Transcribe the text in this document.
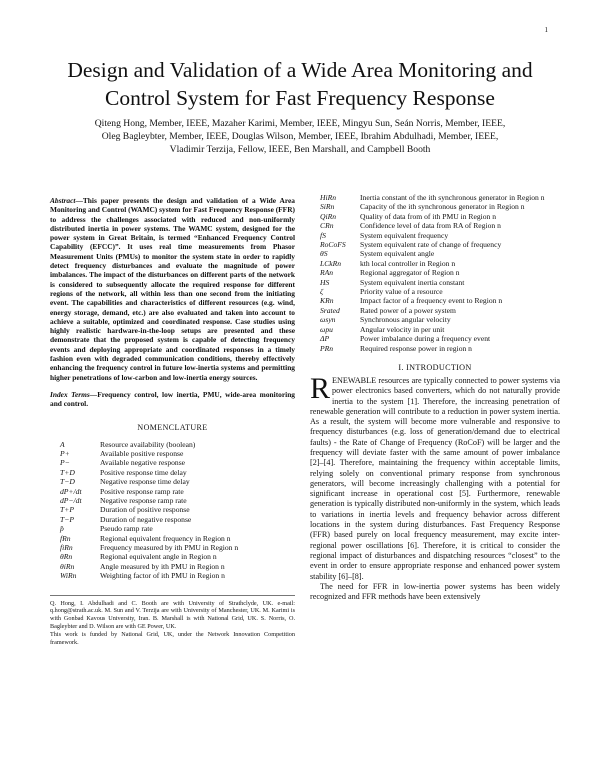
1
Design and Validation of a Wide Area Monitoring and Control System for Fast Frequency Response
Qiteng Hong, Member, IEEE, Mazaher Karimi, Member, IEEE, Mingyu Sun, Seán Norris, Member, IEEE,
Oleg Bagleybter, Member, IEEE, Douglas Wilson, Member, IEEE, Ibrahim Abdulhadi, Member, IEEE,
Vladimir Terzija, Fellow, IEEE, Ben Marshall, and Campbell Booth
Abstract—This paper presents the design and validation of a Wide Area Monitoring and Control (WAMC) system for Fast Frequency Response (FFR) to address the challenges associated with reduced and non-uniformly distributed inertia in power systems. The WAMC system, designed for the power system in Great Britain, is termed “Enhanced Frequency Control Capability (EFCC)”. It uses real time measurements from Phasor Measurement Units (PMUs) to monitor the system state in order to rapidly detect frequency disturbances and evaluate the magnitude of power imbalances. The impact of the disturbances on different parts of the network is considered to subsequently allocate the required response for different regions of the network, all within less than one second from the initiating event. The capabilities and characteristics of different resources (e.g. wind, energy storage, demand, etc.) are also evaluated and taken into account to achieve a suitable, optimized and coordinated response. Case studies using highly realistic hardware-in-the-loop setups are presented and these demonstrate that the proposed system is capable of detecting frequency events and deploying appropriate and coordinated responses in a timely fashion even with degraded communication conditions, thereby effectively enhancing the frequency control in future low-inertia systems and permitting higher penetrations of low-carbon and low-inertia energy sources.
Index Terms—Frequency control, low inertia, PMU, wide-area monitoring and control.
NOMENCLATURE
A	Resource availability (boolean)
P+	Available positive response
P−	Available negative response
T+D	Positive response time delay
T−D	Negative response time delay
dP+/dt	Positive response ramp rate
dP−/dt	Negative response ramp rate
T+P	Duration of positive response
T−P	Duration of negative response
p̂	Pseudo ramp rate
fRn	Regional equivalent frequency in Region n
fiRn	Frequency measured by ith PMU in Region n
θRn	Regional equivalent angle in Region n
θiRn	Angle measured by ith PMU in Region n
WiRn	Weighting factor of ith PMU in Region n
Q. Hong, I. Abdulhadi and C. Booth are with University of Strathclyde, UK. e-mail: q.hong@strath.ac.uk. M. Sun and V. Terzija are with University of Manchester, UK. M. Karimi is with Gonbad Kavous University, Iran. B. Marshall is with National Grid, UK. S. Norris, O. Bagleybter and D. Wilson are with GE Power, UK.
This work is funded by National Grid, UK, under the Network Innovation Competition framework.
HiRn	Inertia constant of the ith synchronous generator in Region n
SiRn	Capacity of the ith synchronous generator in Region n
QiRn	Quality of data from of ith PMU in Region n
CRn	Confidence level of data from RA of Region n
fS	System equivalent frequency
RoCoFS	System equivalent rate of change of frequency
θS	System equivalent angle
LCkRn	kth local controller in Region n
RAn	Regional aggregator of Region n
HS	System equivalent inertia constant
ζ	Priority value of a resource
KRn	Impact factor of a frequency event to Region n
Srated	Rated power of a power system
ωsyn	Synchronous angular velocity
ωpu	Angular velocity in per unit
ΔP	Power imbalance during a frequency event
PRn	Required response power in region n
I. INTRODUCTION

RENEWABLE resources are typically connected to power systems via power electronics based converters, which do not naturally provide inertia to the system [1]. Therefore, the increasing penetration of renewable generation will contribute to a reduction in power system inertia. As a result, the system will become more vulnerable and responsive to frequency disturbances (e.g. loss of generation/demand due to electrical faults) - the Rate of Change of Frequency (RoCoF) will be larger and the frequency will deviate faster with the same amount of power imbalance [2]–[4]. Therefore, maintaining the frequency within acceptable limits, relying solely on conventional primary response from synchronous generators, will become increasingly challenging with a potential for significant increase in operational cost [5]. Furthermore, renewable generation is typically distributed non-uniformly in the system, which leads to variations in inertia levels and frequency behavior across different locations in the system during disturbances. Fast Frequency Response (FFR) based purely on local frequency measurement, may excite inter-regional power oscillations [6]. Therefore, it is critical to consider the regional impact of disturbances and dispatching resources “closest” to the event in order to ensure appropriate response and enhanced power system stability [6]–[8].

The need for FFR in low-inertia power systems has been widely recognized and FFR methods have been extensively
